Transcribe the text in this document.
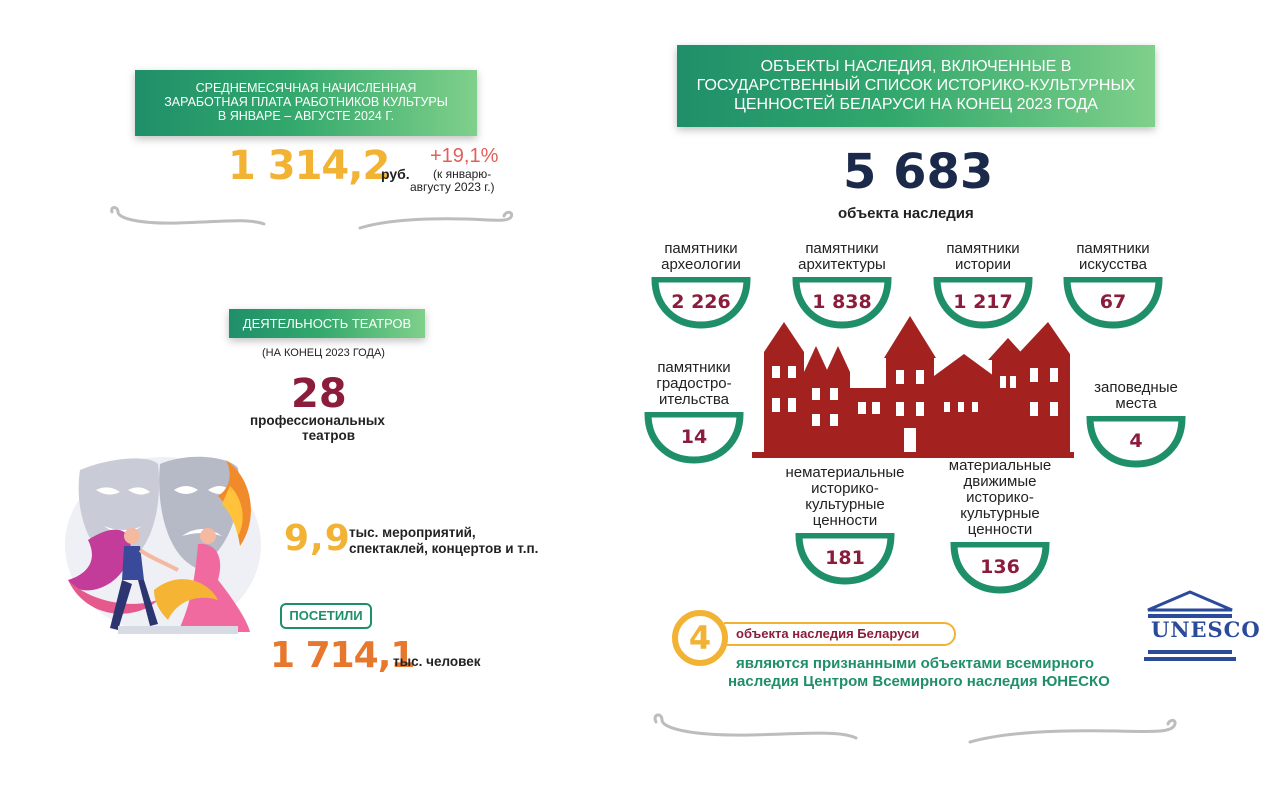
СРЕДНЕМЕСЯЧНАЯ НАЧИСЛЕННАЯ
ЗАРАБОТНАЯ ПЛАТА РАБОТНИКОВ КУЛЬТУРЫ
В ЯНВАРЕ – АВГУСТЕ 2024 Г.
1 314,2
руб.
+19,1%
(к январю-
августу 2023 г.)
ДЕЯТЕЛЬНОСТЬ ТЕАТРОВ
(НА КОНЕЦ 2023 ГОДА)
28
профессиональных
театров
9,9
тыс. мероприятий,
спектаклей, концертов и т.п.
ПОСЕТИЛИ
1 714,1
тыс. человек
ОБЪЕКТЫ НАСЛЕДИЯ, ВКЛЮЧЕННЫЕ В
ГОСУДАРСТВЕННЫЙ СПИСОК ИСТОРИКО-КУЛЬТУРНЫХ
ЦЕННОСТЕЙ БЕЛАРУСИ НА КОНЕЦ 2023 ГОДА
5 683
объекта наследия
памятники
археологии
2 226
памятники
архитектуры
1 838
памятники
истории
1 217
памятники
искусства
67
памятники
градостро-
ительства
14
заповедные
места
4
нематериальные
историко-
культурные
ценности
181
материальные
движимые
историко-
культурные
ценности
136
4	объекта наследия Беларуси
являются признанными объектами всемирного
наследия Центром Всемирного наследия ЮНЕСКО
UNESCO
